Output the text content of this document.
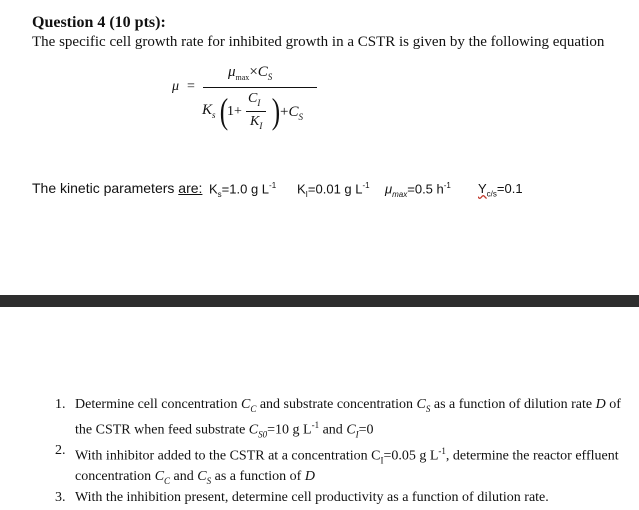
Question 4 (10 pts):
The specific cell growth rate for inhibited growth in a CSTR is given by the following equation
μ =
$\mu_{max}\times C_S$
$K_s$ (
1+
$C_I$
$K_I$ ) $+C_S$
The kinetic parameters are: $K_s=1.0$ g $L^{-1}$ $K_I=0.01$ g $L^{-1}$ $\mu_{max}=0.5$ $h^{-1}$ $Y_{c/s}=0.1$
1. Determine cell concentration $C_C$ and substrate concentration $C_S$ as a function of dilution rate D of the CSTR when feed substrate $C_{S0}=10$ g $L^{-1}$ and $C_I=0$
2. With inhibitor added to the CSTR at a concentration $C_I=0.05$ g $L^{-1}$, determine the reactor effluent concentration $C_C$ and $C_S$ as a function of D
3. With the inhibition present, determine cell productivity as a function of dilution rate.
